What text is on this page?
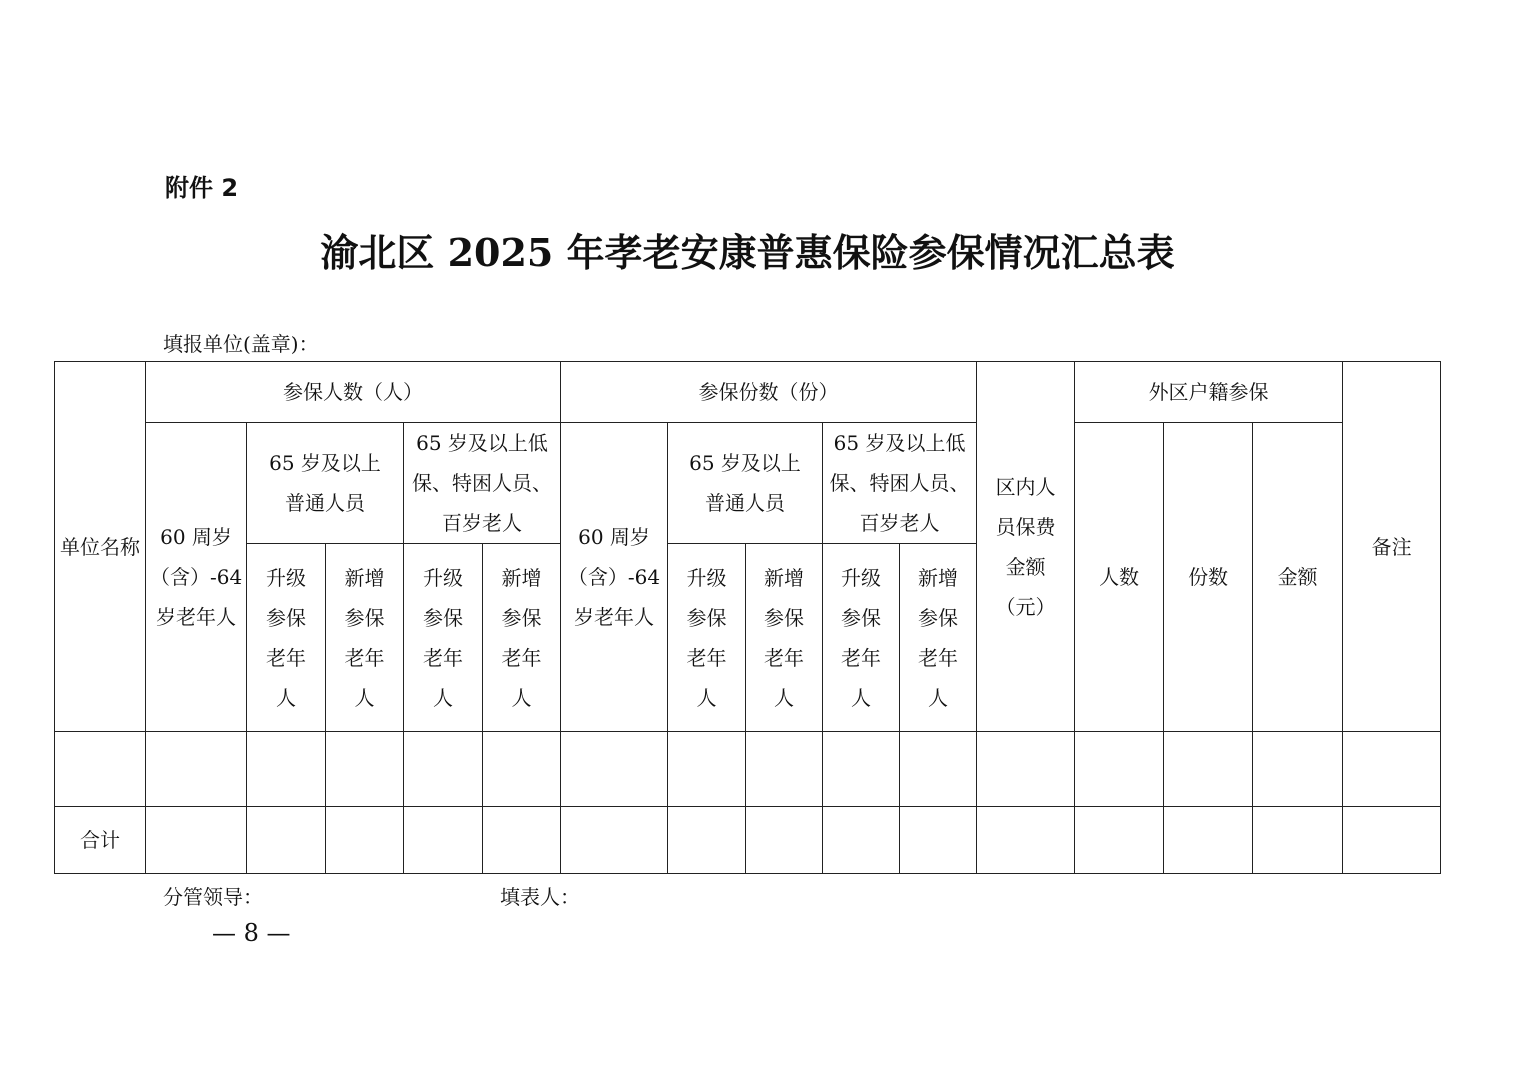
附件 2
渝北区 2025 年孝老安康普惠保险参保情况汇总表
填报单位(盖章)：
单位名称	参保人数（人）					参保份数（份）					区内人员保费金额（元）	外区户籍参保			备注
	60 周岁（含）-64 岁老年人	65 岁及以上普通人员		65 岁及以上低保、特困人员、百岁老人		60 周岁（含）-64 岁老年人	65 岁及以上普通人员		65 岁及以上低保、特困人员、百岁老人			人数	份数	金额	
		升级参保老年人	新增参保老年人	升级参保老年人	新增参保老年人		升级参保老年人	新增参保老年人	升级参保老年人	新增参保老年人					

合计															
分管领导：	填表人：
— 8 —
